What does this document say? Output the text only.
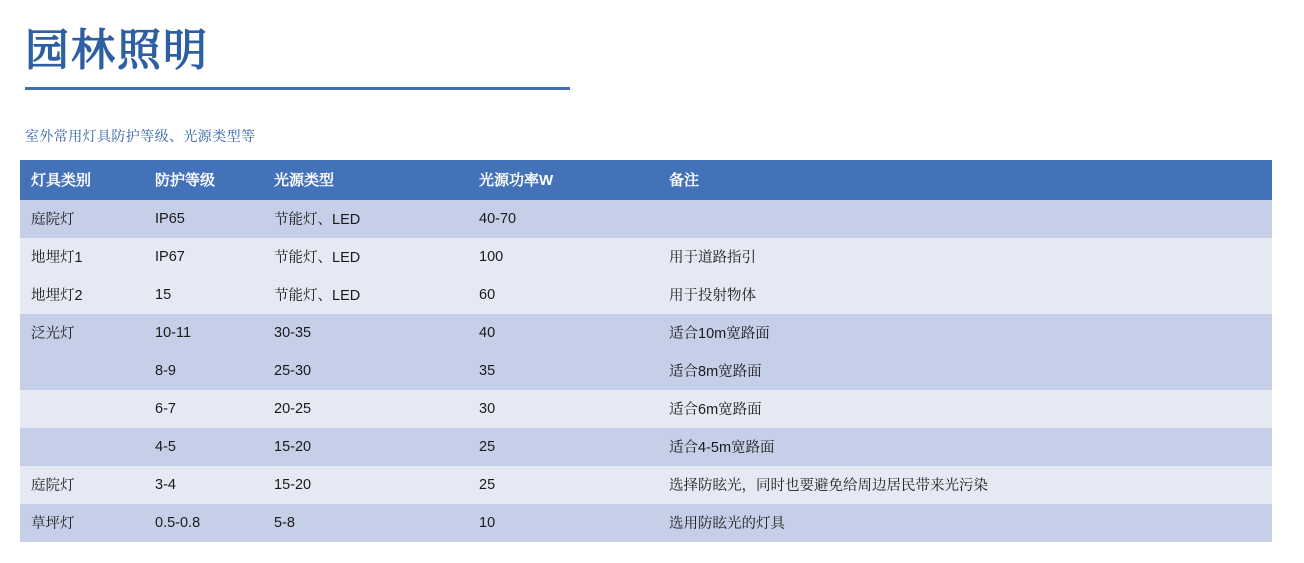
园林照明
室外常用灯具防护等级、光源类型等
灯具类别	防护等级	光源类型	光源功率W	备注
庭院灯	IP65	节能灯、LED	40-70	
地埋灯1	IP67	节能灯、LED	100	用于道路指引
地埋灯2	15	节能灯、LED	60	用于投射物体
泛光灯	10-11	30-35	40	适合10m宽路面
	8-9	25-30	35	适合8m宽路面
	6-7	20-25	30	适合6m宽路面
	4-5	15-20	25	适合4-5m宽路面
庭院灯	3-4	15-20	25	选择防眩光，同时也要避免给周边居民带来光污染
草坪灯	0.5-0.8	5-8	10	选用防眩光的灯具
